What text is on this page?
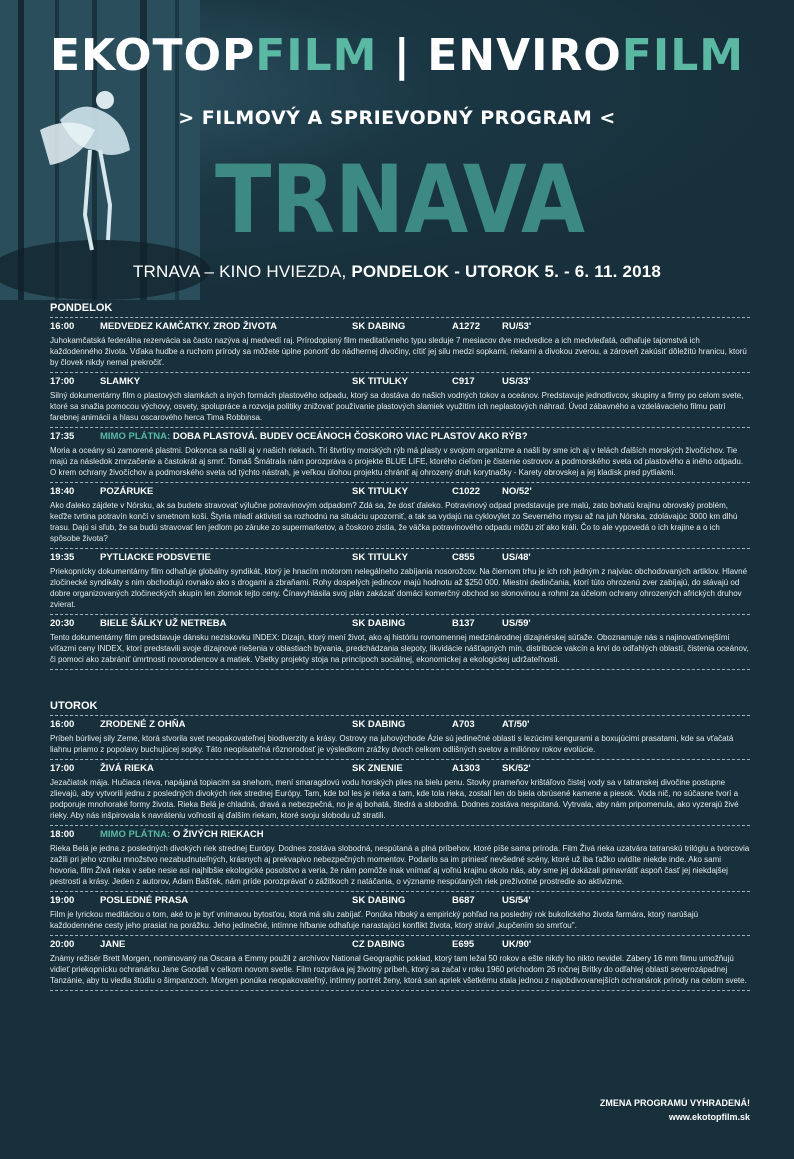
EKOTOPFILM | ENVIROFILM
> FILMOVÝ A SPRIEVODNÝ PROGRAM <
TRNAVA
TRNAVA – KINO HVIEZDA, PONDELOK - UTOROK 5. - 6. 11. 2018
PONDELOK
16:00	MEDVEDEZ KAMČATKY. ZROD ŽIVOTA	SK DABING	A1272 RU/53'
Juhokamčatská federálna rezervácia sa často nazýva aj medvedí raj. Prírodopisný film meditatívneho typu sleduje 7 mesiacov dve medvedice a ich medvieďatá, odhaľuje tajomstvá ich každodenného života. Vďaka hudbe a ruchom prírody sa môžete úplne ponoriť do nádhernej divočiny, cítiť jej silu medzi sopkami, riekami a divokou zverou, a zároveň zakúsiť dôležitú hranicu, ktorú by človek nikdy nemal prekročiť.
17:00	SLAMKY	SK TITULKY	C917	US/33'
Silný dokumentárny film o plastových slamkách a iných formách plastového odpadu, ktorý sa dostáva do našich vodných tokov a oceánov. Predstavuje jednotlivcov, skupiny a firmy po celom svete, ktoré sa snažia pomocou výchovy, osvety, spolupráce a rozvoja politiky znižovať používanie plastových slamiek využitím ich neplastových náhrad. Úvod zábavného a vzdelávacieho filmu patrí farebnej animácii a hlasu oscarového herca Tima Robbinsa.
17:35	MIMO PLÁTNA: DOBA PLASTOVÁ. BUDEV OCEÁNOCH ČOSKORO VIAC PLASTOV AKO RÝB?
Moria a oceány sú zamorené plastmi. Dokonca sa našli aj v našich riekach. Tri štvrtiny morských rýb má plasty v svojom organizme a našli by sme ich aj v telách ďalších morských živočíchov. Tie majú za následok zmrzačenie a častokrát aj smrť. Tomáš Šmátrala nám porozpráva o projekte BLUE LIFE, ktorého cieľom je čistenie ostrovov a podmorského sveta od plastového a iného odpadu. O krem ochrany živočíchov a podmorského sveta od týchto nástrah, je veľkou úlohou projektu chrániť aj ohrozený druh korytnačky - Karety obrovskej a jej kladisk pred pytliakmi.
18:40	POZÁRUKE	SK TITULKY	C1022 NO/52'
Ako ďaleko zájdete v Nórsku, ak sa budete stravovať výlučne potravinovým odpadom? Zdá sa, že dosť ďaleko. Potravinový odpad predstavuje pre malú, zato bohatú krajinu obrovský problém, keďže tvrtina potravín končí v smetnom koši. Štyria mladí aktivisti sa rozhodnú na situáciu upozorniť, a tak sa vydajú na cyklovýlet zo Severného mysu až na juh Nórska, zdolávajúc 3000 km dlhú trasu. Dajú si sľub, že sa budú stravovať len jedlom po záruke zo supermarketov, a čoskoro zistia, že väčka potravinového odpadu môžu ziť ako králi. Čo to ale vypovedá o ich krajine a o ich spôsobe života?
19:35	PYTLIACKE PODSVETIE	SK TITULKY	C855	US/48'
Priekopnícky dokumentárny film odhaľuje globálny syndikát, ktorý je hnacím motorom nelegálneho zabíjania nosorožcov. Na čiernom trhu je ich roh jedným z najviac obchodovaných artiklov. Hlavné zločinecké syndikáty s nim obchodujú rovnako ako s drogami a zbraňami. Rohy dospelých jedincov majú hodnotu až $250 000. Miestni dedinčania, ktorí túto ohrozenú zver zabíjajú, do stávajú od dobre organizovaných zločineckých skupín len zlomok tejto ceny. Čínavyhlásila svoj plán zakázať domáci komerčný obchod so slonovinou a rohmi za účelom ochrany ohrozených afrických druhov zvierat.
20:30	BIELE ŠÁLKY UŽ NETREBA	SK DABING	B137	US/59'
Tento dokumentárny film predstavuje dánsku neziskovku INDEX: Dizajn, ktorý mení život, ako aj históriu rovnomennej medzinárodnej dizajnérskej súťaže. Oboznamuje nás s najinovatívnejšími víťazmi ceny INDEX, ktorí predstavili svoje dizajnové riešenia v oblastiach bývania, predchádzania slepoty, likvidácie nášťapných mín, distribúcie vakcín a krví do odľahlých oblastí, čistenia oceánov, či pomoci ako zabrániť úmrtnosti novorodencov a matiek. Všetky projekty stoja na princípoch sociálnej, ekonomickej a ekologickej udržateľnosti.
UTOROK
16:00	ZRODENÉ Z OHŇA	SK DABING	A703	AT/50'
Príbeh búrlivej sily Zeme, ktorá stvorila svet neopakovateľnej biodiverzity a krásy. Ostrovy na juhovýchode Ázie sú jedinečné oblasti s lezúcimi kengurami a boxujúcimi prasatami, kde sa vťačatá liahnu priamo z popolavy buchujúcej sopky. Táto neopísateľná rôznorodosť je výsledkom zrážky dvoch celkom odlišných svetov a miliónov rokov evolúcie.
17:00	ŽIVÁ RIEKA	SK ZNENIE	A1303 SK/52'
Jezačiatok mája. Hučiaca rieva, napájaná topiacim sa snehom, mení smaragdovú vodu horských plies na bielu penu. Stovky prameňov krištáľovo čistej vody sa v tatranskej divočine postupne zlievajú, aby vytvorili jednu z posledných divokých riek strednej Európy. Tam, kde bol les je rieka a tam, kde tola rieka, zostalí len do biela obrúsené kamene a piesok. Voda nič, no súčasne tvorí a podporuje mnohoraké formy života. Rieka Belá je chladná, dravá a nebezpečná, no je aj bohatá, štedrá a slobodná. Dodnes zostáva nespútaná. Vytrvala, aby nám pripomenula, ako vyzerajú živé rieky. Aby nás inšpirovala k navráteniu voľnosti aj ďalším riekam, ktoré svoju slobodu už stratili.
18:00	MIMO PLÁTNA: O ŽIVÝCH RIEKACH
Rieka Belá je jedna z posledných divokých riek strednej Európy. Dodnes zostáva slobodná, nespútaná a plná príbehov, ktoré píše sama príroda. Film Živá rieka uzatvára tatranskú trilógiu a tvorcovia zažili pri jeho vzniku množstvo nezabudnuteľných, krásnych aj prekvapivo nebezpečných momentov. Podarilo sa im priniesť nevšedné scény, ktoré už iba ťažko uvidíte niekde inde. Ako sami hovoria, film Živá rieka v sebe nesie asi najhlbšie ekologické posolstvo a veria, že nám pomôže inak vnímať aj voľnú krajinu okolo nás, aby sme jej dokázali prinavrátiť aspoň časť jej niekdajšej pestrosti a krásy. Jeden z autorov, Adam Bašťek, nám príde porozprávať o zážitkoch z natáčania, o význame nespútaných riek prežívotné prostredie ao aktivizme.
19:00	POSLEDNÉ PRASA	SK DABING	B687	US/54'
Film je lyrickou meditáciou o tom, aké to je byť vnímavou bytosťou, ktorá má silu zabíjať. Ponúka hlboký a empirický pohľad na posledný rok bukolického života farmára, ktorý narúšajú každodennéne cesty jeho prasiat na porážku. Jeho jedinečné, intímne hľbanie odhaľuje narastajúci konflikt života, ktorý stráví „kupčením so smrťou".
20:00	JANE	CZ DABING	E695	UK/90'
Známy režisér Brett Morgen, nominovaný na Oscara a Emmy použil z archívov National Geographic poklad, ktorý tam ležal 50 rokov a ešte nikdy ho nikto nevidel. Zábery 16 mm filmu umožňujú vidieť priekopnícku ochranárku Jane Goodall v celkom novom svetle. Film rozpráva jej životný príbeh, ktorý sa začal v roku 1960 príchodom 26 ročnej Britky do odľahlej oblasti severozápadnej Tanzánie, aby tu viedla štúdiu o šimpanzoch. Morgen ponúka neopakovateľný, intímny portrét ženy, ktorá san apriek všetkému stala jednou z najobdivovanejších ochranárok prírody na celom svete.
ZMENA PROGRAMU VYHRADENÁ!
www.ekotopfilm.sk
